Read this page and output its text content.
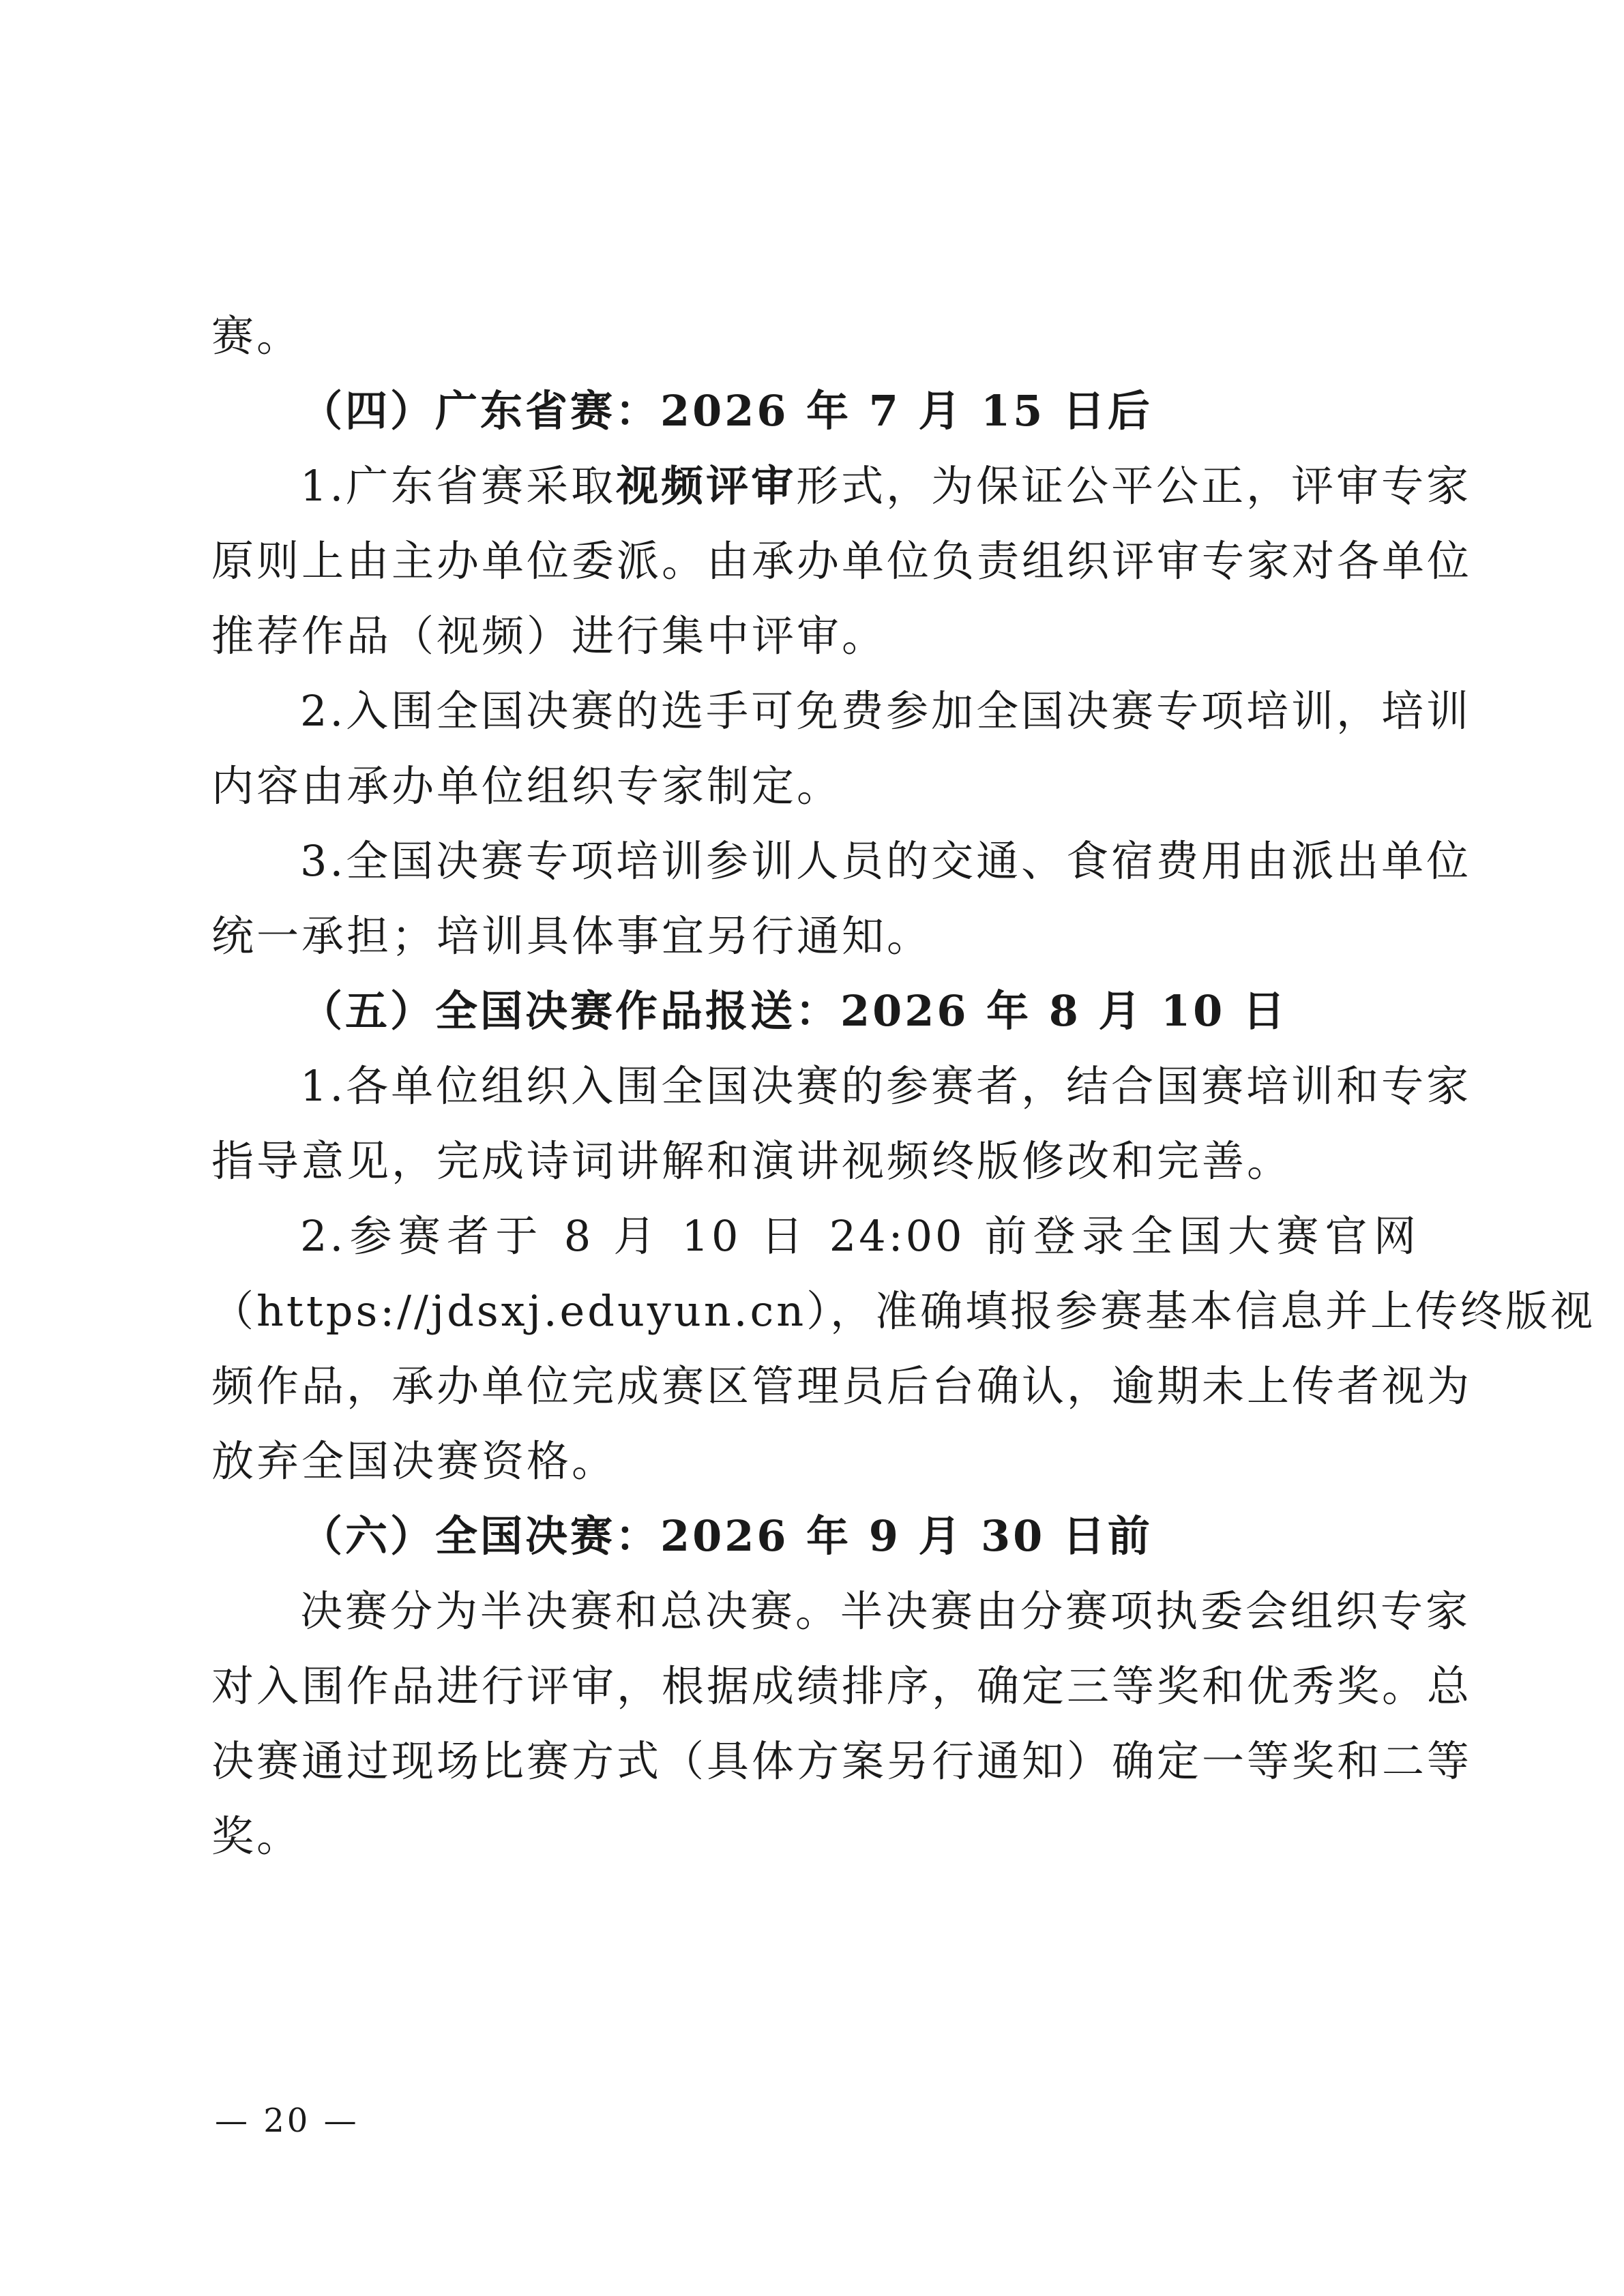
赛。
（四）广东省赛：2026 年 7 月 15 日后
1.广东省赛采取视频评审形式，为保证公平公正，评审专家
原则上由主办单位委派。由承办单位负责组织评审专家对各单位
推荐作品（视频）进行集中评审。
2.入围全国决赛的选手可免费参加全国决赛专项培训，培训
内容由承办单位组织专家制定。
3.全国决赛专项培训参训人员的交通、食宿费用由派出单位
统一承担；培训具体事宜另行通知。
（五）全国决赛作品报送：2026 年 8 月 10 日
1.各单位组织入围全国决赛的参赛者，结合国赛培训和专家
指导意见，完成诗词讲解和演讲视频终版修改和完善。
2.参赛者于 8 月 10 日 24:00 前登录全国大赛官网
（https://jdsxj.eduyun.cn），准确填报参赛基本信息并上传终版视
频作品，承办单位完成赛区管理员后台确认，逾期未上传者视为
放弃全国决赛资格。
（六）全国决赛：2026 年 9 月 30 日前
决赛分为半决赛和总决赛。半决赛由分赛项执委会组织专家
对入围作品进行评审，根据成绩排序，确定三等奖和优秀奖。总
决赛通过现场比赛方式（具体方案另行通知）确定一等奖和二等
奖。
— 20 —
